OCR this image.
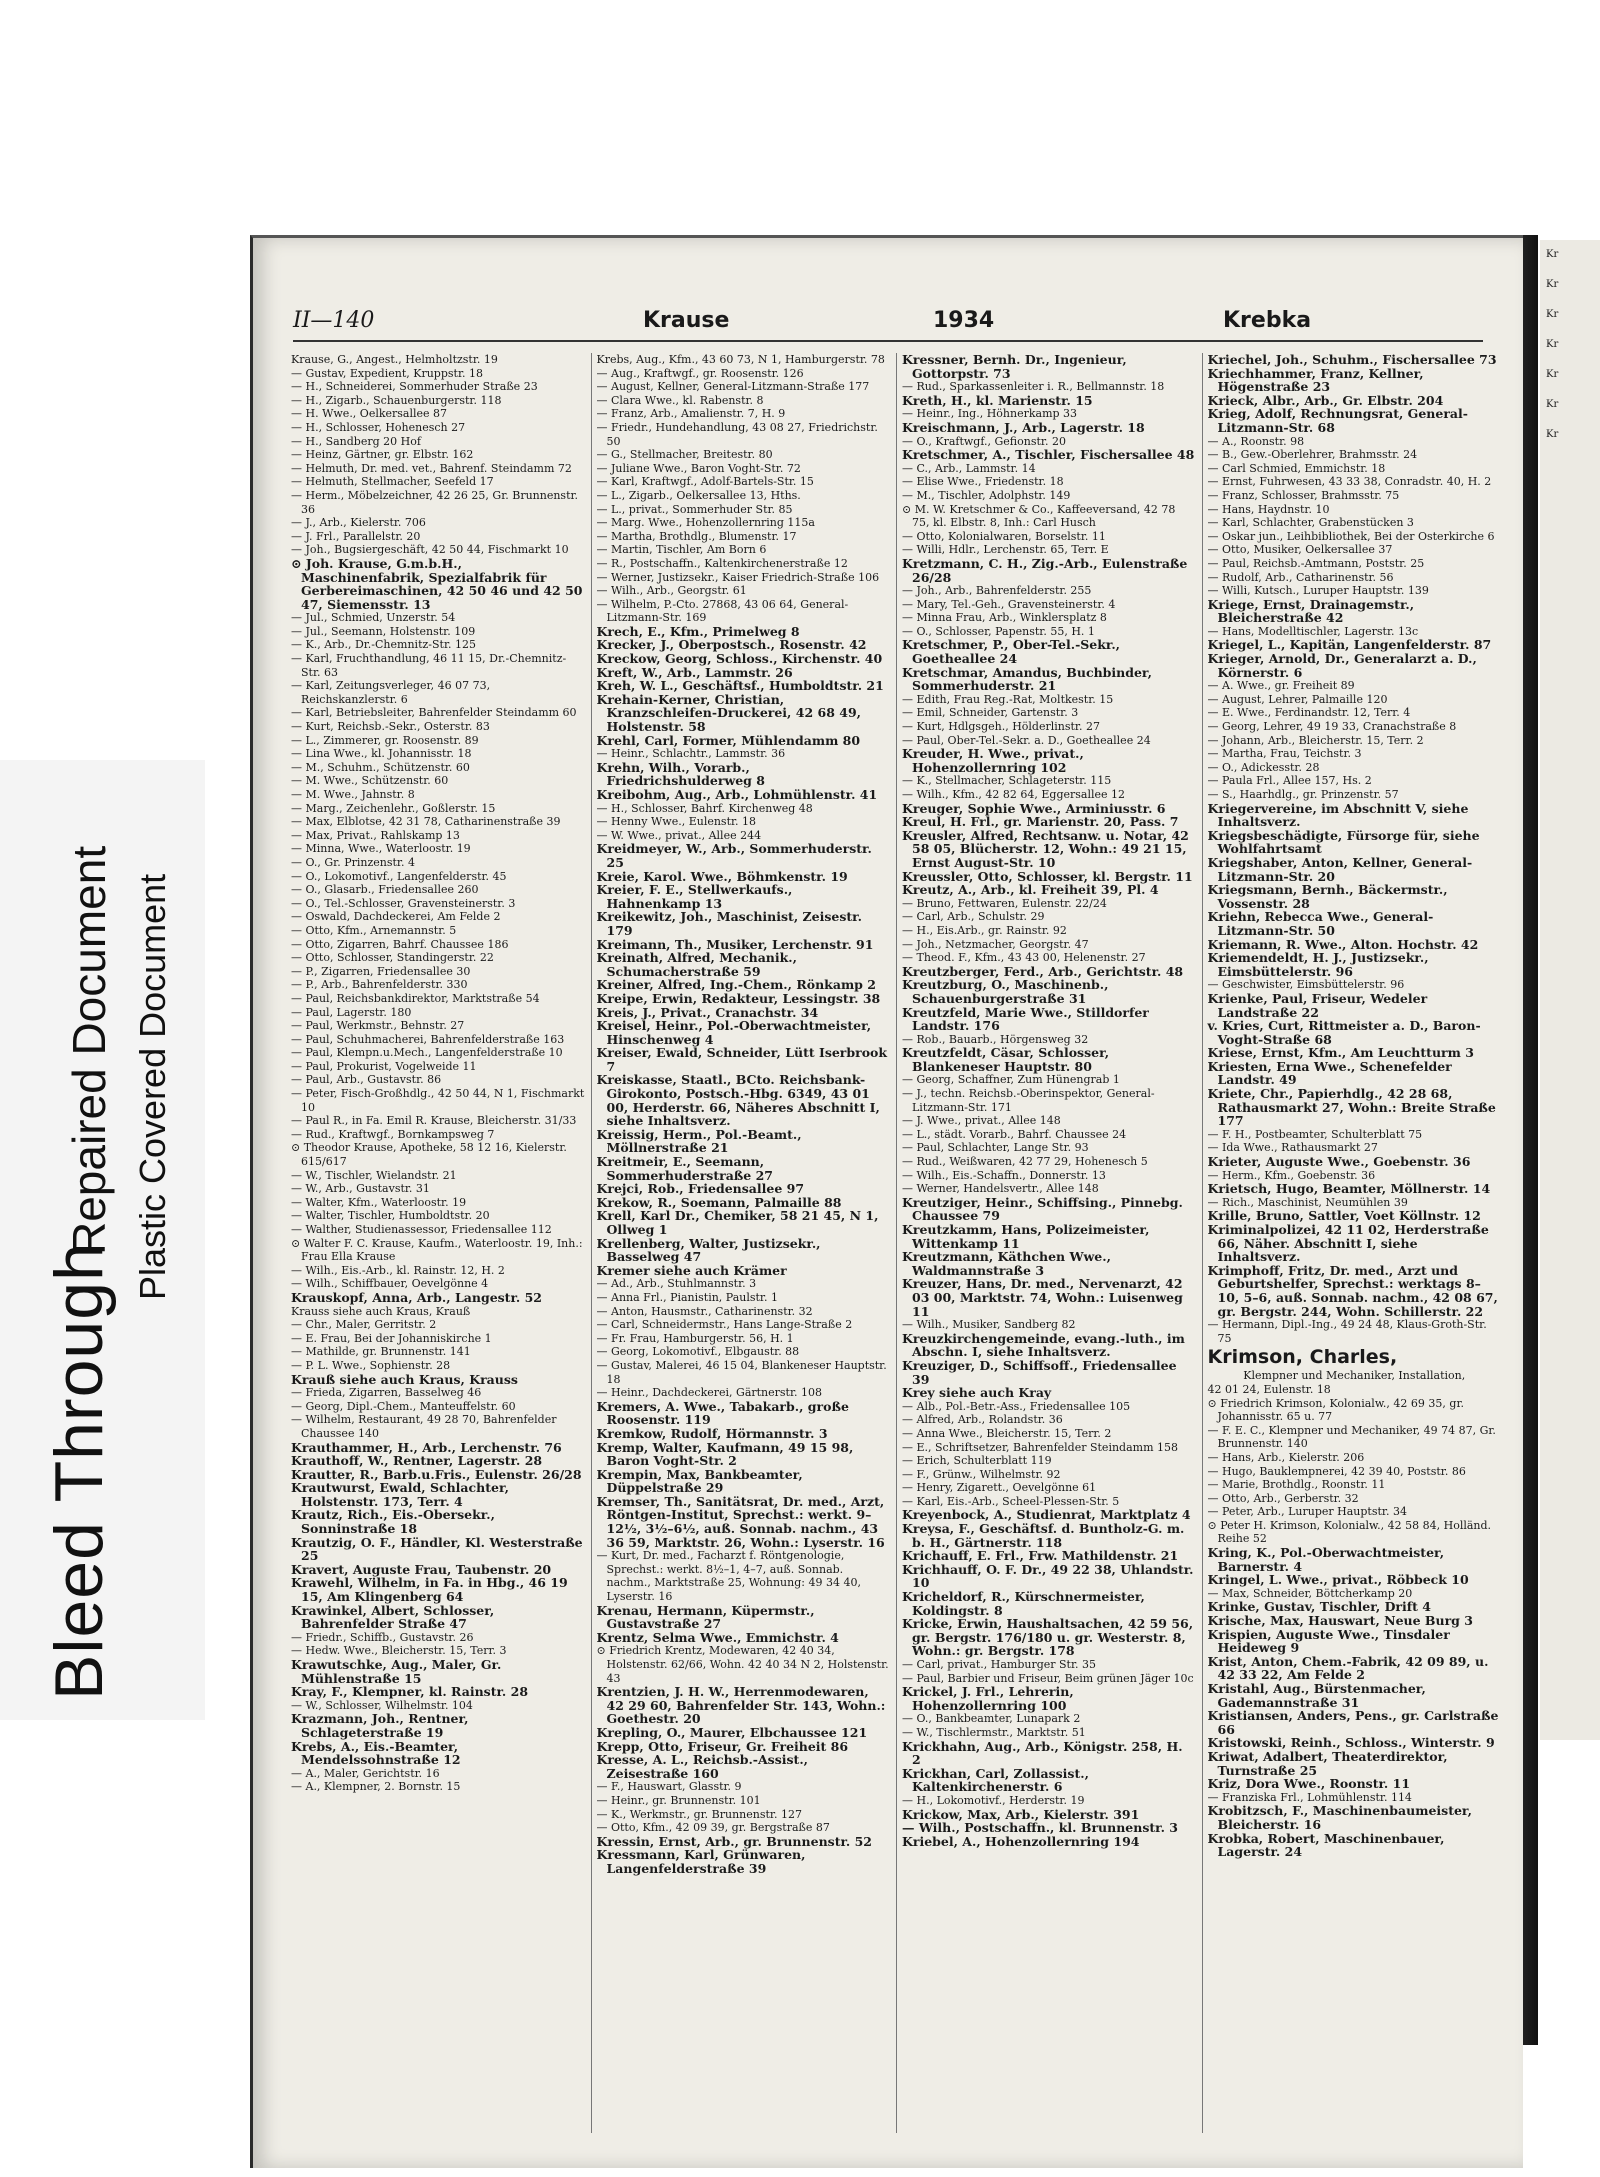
Bleed Through
Repaired Document Plastic Covered Document
Kr
Kr
Kr
Kr
Kr
Kr
Kr
II—140	Krause	1934	Krebka

Krause, G., Angest., Helmholtzstr. 19

— Gustav, Expedient, Kruppstr. 18

— H., Schneiderei, Sommerhuder Straße 23

— H., Zigarb., Schauenburgerstr. 118

— H. Wwe., Oelkersallee 87

— H., Schlosser, Hohenesch 27

— H., Sandberg 20 Hof

— Heinz, Gärtner, gr. Elbstr. 162

— Helmuth, Dr. med. vet., Bahrenf. Steindamm 72

— Helmuth, Stellmacher, Seefeld 17

— Herm., Möbelzeichner, 42 26 25, Gr. Brunnenstr. 36

— J., Arb., Kielerstr. 706

— J. Frl., Parallelstr. 20

— Joh., Bugsiergeschäft, 42 50 44, Fischmarkt 10

⊙ Joh. Krause, G.m.b.H., Maschinenfabrik, Spezialfabrik für Gerbereimaschinen, 42 50 46 und 42 50 47, Siemensstr. 13

— Jul., Schmied, Unzerstr. 54

— Jul., Seemann, Holstenstr. 109

— K., Arb., Dr.-Chemnitz-Str. 125

— Karl, Fruchthandlung, 46 11 15, Dr.-Chemnitz-Str. 63

— Karl, Zeitungsverleger, 46 07 73, Reichskanzlerstr. 6

— Karl, Betriebsleiter, Bahrenfelder Steindamm 60

— Kurt, Reichsb.-Sekr., Osterstr. 83

— L., Zimmerer, gr. Roosenstr. 89

— Lina Wwe., kl. Johannisstr. 18

— M., Schuhm., Schützenstr. 60

— M. Wwe., Schützenstr. 60

— M. Wwe., Jahnstr. 8

— Marg., Zeichenlehr., Goßlerstr. 15

— Max, Elblotse, 42 31 78, Catharinenstraße 39

— Max, Privat., Rahlskamp 13

— Minna, Wwe., Waterloostr. 19

— O., Gr. Prinzenstr. 4

— O., Lokomotivf., Langenfelderstr. 45

— O., Glasarb., Friedensallee 260

— O., Tel.-Schlosser, Gravensteinerstr. 3

— Oswald, Dachdeckerei, Am Felde 2

— Otto, Kfm., Arnemannstr. 5

— Otto, Zigarren, Bahrf. Chaussee 186

— Otto, Schlosser, Standingerstr. 22

— P., Zigarren, Friedensallee 30

— P., Arb., Bahrenfelderstr. 330

— Paul, Reichsbankdirektor, Marktstraße 54

— Paul, Lagerstr. 180

— Paul, Werkmstr., Behnstr. 27

— Paul, Schuhmacherei, Bahrenfelderstraße 163

— Paul, Klempn.u.Mech., Langenfelderstraße 10

— Paul, Prokurist, Vogelweide 11

— Paul, Arb., Gustavstr. 86

— Peter, Fisch-Großhdlg., 42 50 44, N 1, Fischmarkt 10

— Paul R., in Fa. Emil R. Krause, Bleicherstr. 31/33

— Rud., Kraftwgf., Bornkampsweg 7

⊙ Theodor Krause, Apotheke, 58 12 16, Kielerstr. 615/617

— W., Tischler, Wielandstr. 21

— W., Arb., Gustavstr. 31

— Walter, Kfm., Waterloostr. 19

— Walter, Tischler, Humboldtstr. 20

— Walther, Studienassessor, Friedensallee 112

⊙ Walter F. C. Krause, Kaufm., Waterloostr. 19, Inh.: Frau Ella Krause

— Wilh., Eis.-Arb., kl. Rainstr. 12, H. 2

— Wilh., Schiffbauer, Oevelgönne 4

Krauskopf, Anna, Arb., Langestr. 52

Krauss siehe auch Kraus, Krauß

— Chr., Maler, Gerritstr. 2

— E. Frau, Bei der Johanniskirche 1

— Mathilde, gr. Brunnenstr. 141

— P. L. Wwe., Sophienstr. 28

Krauß siehe auch Kraus, Krauss

— Frieda, Zigarren, Basselweg 46

— Georg, Dipl.-Chem., Manteuffelstr. 60

— Wilhelm, Restaurant, 49 28 70, Bahrenfelder Chaussee 140

Krauthammer, H., Arb., Lerchenstr. 76

Krauthoff, W., Rentner, Lagerstr. 28

Krautter, R., Barb.u.Fris., Eulenstr. 26/28

Krautwurst, Ewald, Schlachter, Holstenstr. 173, Terr. 4

Krautz, Rich., Eis.-Obersekr., Sonninstraße 18

Krautzig, O. F., Händler, Kl. Westerstraße 25

Kravert, Auguste Frau, Taubenstr. 20

Krawehl, Wilhelm, in Fa. in Hbg., 46 19 15, Am Klingenberg 64

Krawinkel, Albert, Schlosser, Bahrenfelder Straße 47

— Friedr., Schiffb., Gustavstr. 26

— Hedw. Wwe., Bleicherstr. 15, Terr. 3

Krawutschke, Aug., Maler, Gr. Mühlenstraße 15

Kray, F., Klempner, kl. Rainstr. 28

— W., Schlosser, Wilhelmstr. 104

Krazmann, Joh., Rentner, Schlageterstraße 19

Krebs, A., Eis.-Beamter, Mendelssohnstraße 12

— A., Maler, Gerichtstr. 16

— A., Klempner, 2. Bornstr. 15

Krebs, Aug., Kfm., 43 60 73, N 1, Hamburgerstr. 78

— Aug., Kraftwgf., gr. Roosenstr. 126

— August, Kellner, General-Litzmann-Straße 177

— Clara Wwe., kl. Rabenstr. 8

— Franz, Arb., Amalienstr. 7, H. 9

— Friedr., Hundehandlung, 43 08 27, Friedrichstr. 50

— G., Stellmacher, Breitestr. 80

— Juliane Wwe., Baron Voght-Str. 72

— Karl, Kraftwgf., Adolf-Bartels-Str. 15

— L., Zigarb., Oelkersallee 13, Hths.

— L., privat., Sommerhuder Str. 85

— Marg. Wwe., Hohenzollernring 115a

— Martha, Brothdlg., Blumenstr. 17

— Martin, Tischler, Am Born 6

— R., Postschaffn., Kaltenkirchenerstraße 12

— Werner, Justizsekr., Kaiser Friedrich-Straße 106

— Wilh., Arb., Georgstr. 61

— Wilhelm, P.-Cto. 27868, 43 06 64, General-Litzmann-Str. 169

Krech, E., Kfm., Primelweg 8

Krecker, J., Oberpostsch., Rosenstr. 42

Kreckow, Georg, Schloss., Kirchenstr. 40

Kreft, W., Arb., Lammstr. 26

Kreh, W. L., Geschäftsf., Humboldtstr. 21

Krehain-Kerner, Christian, Kranzschleifen-Druckerei, 42 68 49, Holstenstr. 58

Krehl, Carl, Former, Mühlendamm 80

— Heinr., Schlachtr., Lammstr. 36

Krehn, Wilh., Vorarb., Friedrichshulderweg 8

Kreibohm, Aug., Arb., Lohmühlenstr. 41

— H., Schlosser, Bahrf. Kirchenweg 48

— Henny Wwe., Eulenstr. 18

— W. Wwe., privat., Allee 244

Kreidmeyer, W., Arb., Sommerhuderstr. 25

Kreie, Karol. Wwe., Böhmkenstr. 19

Kreier, F. E., Stellwerkaufs., Hahnenkamp 13

Kreikewitz, Joh., Maschinist, Zeisestr. 179

Kreimann, Th., Musiker, Lerchenstr. 91

Kreinath, Alfred, Mechanik., Schumacherstraße 59

Kreiner, Alfred, Ing.-Chem., Rönkamp 2

Kreipe, Erwin, Redakteur, Lessingstr. 38

Kreis, J., Privat., Cranachstr. 34

Kreisel, Heinr., Pol.-Oberwachtmeister, Hinschenweg 4

Kreiser, Ewald, Schneider, Lütt Iserbrook 7

Kreiskasse, Staatl., BCto. Reichsbank-Girokonto, Postsch.-Hbg. 6349, 43 01 00, Herderstr. 66, Näheres Abschnitt I, siehe Inhaltsverz.

Kreissig, Herm., Pol.-Beamt., Möllnerstraße 21

Kreitmeir, E., Seemann, Sommerhuderstraße 27

Krejci, Rob., Friedensallee 97

Krekow, R., Soemann, Palmaille 88

Krell, Karl Dr., Chemiker, 58 21 45, N 1, Ollweg 1

Krellenberg, Walter, Justizsekr., Basselweg 47

Kremer siehe auch Krämer

— Ad., Arb., Stuhlmannstr. 3

— Anna Frl., Pianistin, Paulstr. 1

— Anton, Hausmstr., Catharinenstr. 32

— Carl, Schneidermstr., Hans Lange-Straße 2

— Fr. Frau, Hamburgerstr. 56, H. 1

— Georg, Lokomotivf., Elbgaustr. 88

— Gustav, Malerei, 46 15 04, Blankeneser Hauptstr. 18

— Heinr., Dachdeckerei, Gärtnerstr. 108

Kremers, A. Wwe., Tabakarb., große Roosenstr. 119

Kremkow, Rudolf, Hörmannstr. 3

Kremp, Walter, Kaufmann, 49 15 98, Baron Voght-Str. 2

Krempin, Max, Bankbeamter, Düppelstraße 29

Kremser, Th., Sanitätsrat, Dr. med., Arzt, Röntgen-Institut, Sprechst.: werkt. 9–12½, 3½–6½, auß. Sonnab. nachm., 43 36 59, Marktstr. 26, Wohn.: Lyserstr. 16

— Kurt, Dr. med., Facharzt f. Röntgenologie, Sprechst.: werkt. 8½–1, 4–7, auß. Sonnab. nachm., Marktstraße 25, Wohnung: 49 34 40, Lyserstr. 16

Krenau, Hermann, Küpermstr., Gustavstraße 27

Krentz, Selma Wwe., Emmichstr. 4

⊙ Friedrich Krentz, Modewaren, 42 40 34, Holstenstr. 62/66, Wohn. 42 40 34 N 2, Holstenstr. 43

Krentzien, J. H. W., Herrenmodewaren, 42 29 60, Bahrenfelder Str. 143, Wohn.: Goethestr. 20

Krepling, O., Maurer, Elbchaussee 121

Krepp, Otto, Friseur, Gr. Freiheit 86

Kresse, A. L., Reichsb.-Assist., Zeisestraße 160

— F., Hauswart, Glasstr. 9

— Heinr., gr. Brunnenstr. 101

— K., Werkmstr., gr. Brunnenstr. 127

— Otto, Kfm., 42 09 39, gr. Bergstraße 87

Kressin, Ernst, Arb., gr. Brunnenstr. 52

Kressmann, Karl, Grünwaren, Langenfelderstraße 39

Kressner, Bernh. Dr., Ingenieur, Gottorpstr. 73

— Rud., Sparkassenleiter i. R., Bellmannstr. 18

Kreth, H., kl. Marienstr. 15

— Heinr., Ing., Höhnerkamp 33

Kreischmann, J., Arb., Lagerstr. 18

— O., Kraftwgf., Gefionstr. 20

Kretschmer, A., Tischler, Fischersallee 48

— C., Arb., Lammstr. 14

— Elise Wwe., Friedenstr. 18

— M., Tischler, Adolphstr. 149

⊙ M. W. Kretschmer & Co., Kaffeeversand, 42 78 75, kl. Elbstr. 8, Inh.: Carl Husch

— Otto, Kolonialwaren, Borselstr. 11

— Willi, Hdlr., Lerchenstr. 65, Terr. E

Kretzmann, C. H., Zig.-Arb., Eulenstraße 26/28

— Joh., Arb., Bahrenfelderstr. 255

— Mary, Tel.-Geh., Gravensteinerstr. 4

— Minna Frau, Arb., Winklersplatz 8

— O., Schlosser, Papenstr. 55, H. 1

Kretschmer, P., Ober-Tel.-Sekr., Goetheallee 24

Kretschmar, Amandus, Buchbinder, Sommerhuderstr. 21

— Edith, Frau Reg.-Rat, Moltkestr. 15

— Emil, Schneider, Gartenstr. 3

— Kurt, Hdlgsgeh., Hölderlinstr. 27

— Paul, Ober-Tel.-Sekr. a. D., Goetheallee 24

Kreuder, H. Wwe., privat., Hohenzollernring 102

— K., Stellmacher, Schlageterstr. 115

— Wilh., Kfm., 42 82 64, Eggersallee 12

Kreuger, Sophie Wwe., Arminiusstr. 6

Kreul, H. Frl., gr. Marienstr. 20, Pass. 7

Kreusler, Alfred, Rechtsanw. u. Notar, 42 58 05, Blücherstr. 12, Wohn.: 49 21 15, Ernst August-Str. 10

Kreussler, Otto, Schlosser, kl. Bergstr. 11

Kreutz, A., Arb., kl. Freiheit 39, Pl. 4

— Bruno, Fettwaren, Eulenstr. 22/24

— Carl, Arb., Schulstr. 29

— H., Eis.Arb., gr. Rainstr. 92

— Joh., Netzmacher, Georgstr. 47

— Theod. F., Kfm., 43 43 00, Helenenstr. 27

Kreutzberger, Ferd., Arb., Gerichtstr. 48

Kreutzburg, O., Maschinenb., Schauenburgerstraße 31

Kreutzfeld, Marie Wwe., Stilldorfer Landstr. 176

— Rob., Bauarb., Hörgensweg 32

Kreutzfeldt, Cäsar, Schlosser, Blankeneser Hauptstr. 80

— Georg, Schaffner, Zum Hünengrab 1

— J., techn. Reichsb.-Oberinspektor, General-Litzmann-Str. 171

— J. Wwe., privat., Allee 148

— L., städt. Vorarb., Bahrf. Chaussee 24

— Paul, Schlachter, Lange Str. 93

— Rud., Weißwaren, 42 77 29, Hohenesch 5

— Wilh., Eis.-Schaffn., Donnerstr. 13

— Werner, Handelsvertr., Allee 148

Kreutziger, Heinr., Schiffsing., Pinnebg. Chaussee 79

Kreutzkamm, Hans, Polizeimeister, Wittenkamp 11

Kreutzmann, Käthchen Wwe., Waldmannstraße 3

Kreuzer, Hans, Dr. med., Nervenarzt, 42 03 00, Marktstr. 74, Wohn.: Luisenweg 11

— Wilh., Musiker, Sandberg 82

Kreuzkirchengemeinde, evang.-luth., im Abschn. I, siehe Inhaltsverz.

Kreuziger, D., Schiffsoff., Friedensallee 39

Krey siehe auch Kray

— Alb., Pol.-Betr.-Ass., Friedensallee 105

— Alfred, Arb., Rolandstr. 36

— Anna Wwe., Bleicherstr. 15, Terr. 2

— E., Schriftsetzer, Bahrenfelder Steindamm 158

— Erich, Schulterblatt 119

— F., Grünw., Wilhelmstr. 92

— Henry, Zigarett., Oevelgönne 61

— Karl, Eis.-Arb., Scheel-Plessen-Str. 5

Kreyenbock, A., Studienrat, Marktplatz 4

Kreysa, F., Geschäftsf. d. Buntholz-G. m. b. H., Gärtnerstr. 118

Krichauff, E. Frl., Frw. Mathildenstr. 21

Krichhauff, O. F. Dr., 49 22 38, Uhlandstr. 10

Kricheldorf, R., Kürschnermeister, Koldingstr. 8

Kricke, Erwin, Haushaltsachen, 42 59 56, gr. Bergstr. 176/180 u. gr. Westerstr. 8, Wohn.: gr. Bergstr. 178

— Carl, privat., Hamburger Str. 35

— Paul, Barbier und Friseur, Beim grünen Jäger 10c

Krickel, J. Frl., Lehrerin, Hohenzollernring 100

— O., Bankbeamter, Lunapark 2

— W., Tischlermstr., Marktstr. 51

Krickhahn, Aug., Arb., Königstr. 258, H. 2

Krickhan, Carl, Zollassist., Kaltenkirchenerstr. 6

— H., Lokomotivf., Herderstr. 19

Krickow, Max, Arb., Kielerstr. 391

— Wilh., Postschaffn., kl. Brunnenstr. 3

Kriebel, A., Hohenzollernring 194

Kriechel, Joh., Schuhm., Fischersallee 73

Kriechhammer, Franz, Kellner, Högenstraße 23

Krieck, Albr., Arb., Gr. Elbstr. 204

Krieg, Adolf, Rechnungsrat, General-Litzmann-Str. 68

— A., Roonstr. 98

— B., Gew.-Oberlehrer, Brahmsstr. 24

— Carl Schmied, Emmichstr. 18

— Ernst, Fuhrwesen, 43 33 38, Conradstr. 40, H. 2

— Franz, Schlosser, Brahmsstr. 75

— Hans, Haydnstr. 10

— Karl, Schlachter, Grabenstücken 3

— Oskar jun., Leihbibliothek, Bei der Osterkirche 6

— Otto, Musiker, Oelkersallee 37

— Paul, Reichsb.-Amtmann, Poststr. 25

— Rudolf, Arb., Catharinenstr. 56

— Willi, Kutsch., Luruper Hauptstr. 139

Kriege, Ernst, Drainagemstr., Bleicherstraße 42

— Hans, Modelltischler, Lagerstr. 13c

Kriegel, L., Kapitän, Langenfelderstr. 87

Krieger, Arnold, Dr., Generalarzt a. D., Körnerstr. 6

— A. Wwe., gr. Freiheit 89

— August, Lehrer, Palmaille 120

— E. Wwe., Ferdinandstr. 12, Terr. 4

— Georg, Lehrer, 49 19 33, Cranachstraße 8

— Johann, Arb., Bleicherstr. 15, Terr. 2

— Martha, Frau, Teichstr. 3

— O., Adickesstr. 28

— Paula Frl., Allee 157, Hs. 2

— S., Haarhdlg., gr. Prinzenstr. 57

Kriegervereine, im Abschnitt V, siehe Inhaltsverz.

Kriegsbeschädigte, Fürsorge für, siehe Wohlfahrtsamt

Kriegshaber, Anton, Kellner, General-Litzmann-Str. 20

Kriegsmann, Bernh., Bäckermstr., Vossenstr. 28

Kriehn, Rebecca Wwe., General-Litzmann-Str. 50

Kriemann, R. Wwe., Alton. Hochstr. 42

Kriemendeldt, H. J., Justizsekr., Eimsbüttelerstr. 96

— Geschwister, Eimsbüttelerstr. 96

Krienke, Paul, Friseur, Wedeler Landstraße 22

v. Kries, Curt, Rittmeister a. D., Baron-Voght-Straße 68

Kriese, Ernst, Kfm., Am Leuchtturm 3

Kriesten, Erna Wwe., Schenefelder Landstr. 49

Kriete, Chr., Papierhdlg., 42 28 68, Rathausmarkt 27, Wohn.: Breite Straße 177

— F. H., Postbeamter, Schulterblatt 75

— Ida Wwe., Rathausmarkt 27

Krieter, Auguste Wwe., Goebenstr. 36

— Herm., Kfm., Goebenstr. 36

Krietsch, Hugo, Beamter, Möllnerstr. 14

— Rich., Maschinist, Neumühlen 39

Krille, Bruno, Sattler, Voet Köllnstr. 12

Kriminalpolizei, 42 11 02, Herderstraße 66, Näher. Abschnitt I, siehe Inhaltsverz.

Krimphoff, Fritz, Dr. med., Arzt und Geburtshelfer, Sprechst.: werktags 8–10, 5–6, auß. Sonnab. nachm., 42 08 67, gr. Bergstr. 244, Wohn. Schillerstr. 22

— Hermann, Dipl.-Ing., 49 24 48, Klaus-Groth-Str. 75

Krimson, Charles,

Klempner und Mechaniker, Installation,

42 01 24, Eulenstr. 18

⊙ Friedrich Krimson, Kolonialw., 42 69 35, gr. Johannisstr. 65 u. 77

— F. E. C., Klempner und Mechaniker, 49 74 87, Gr. Brunnenstr. 140

— Hans, Arb., Kielerstr. 206

— Hugo, Bauklempnerei, 42 39 40, Poststr. 86

— Marie, Brothdlg., Roonstr. 11

— Otto, Arb., Gerberstr. 32

— Peter, Arb., Luruper Hauptstr. 34

⊙ Peter H. Krimson, Kolonialw., 42 58 84, Holländ. Reihe 52

Kring, K., Pol.-Oberwachtmeister, Barnerstr. 4

Kringel, L. Wwe., privat., Röbbeck 10

— Max, Schneider, Böttcherkamp 20

Krinke, Gustav, Tischler, Drift 4

Krische, Max, Hauswart, Neue Burg 3

Krispien, Auguste Wwe., Tinsdaler Heideweg 9

Krist, Anton, Chem.-Fabrik, 42 09 89, u. 42 33 22, Am Felde 2

Kristahl, Aug., Bürstenmacher, Gademannstraße 31

Kristiansen, Anders, Pens., gr. Carlstraße 66

Kristowski, Reinh., Schloss., Winterstr. 9

Kriwat, Adalbert, Theaterdirektor, Turnstraße 25

Kriz, Dora Wwe., Roonstr. 11

— Franziska Frl., Lohmühlenstr. 114

Krobitzsch, F., Maschinenbaumeister, Bleicherstr. 16

Krobka, Robert, Maschinenbauer, Lagerstr. 24
